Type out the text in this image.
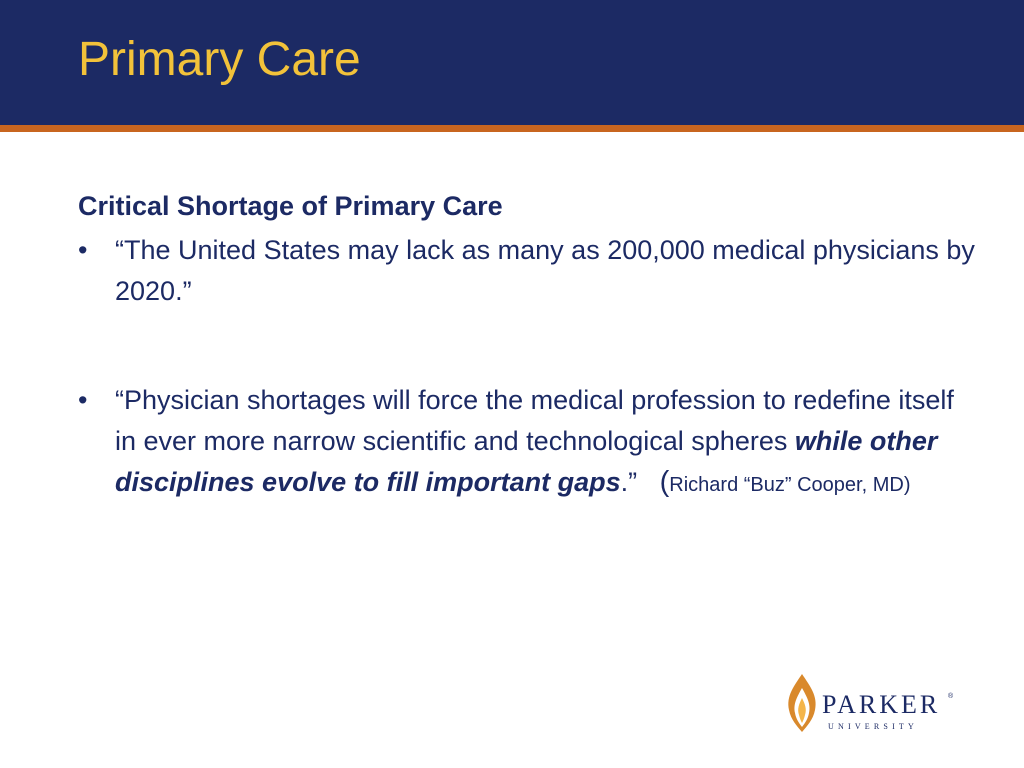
Primary Care
Critical Shortage of Primary Care
• “The United States may lack as many as 200,000 medical physicians by 2020.”
• “Physician shortages will force the medical profession to redefine itself in ever more narrow scientific and technological spheres while other disciplines evolve to fill important gaps.” (Richard “Buz” Cooper, MD)
PARKER ®
UNIVERSITY
